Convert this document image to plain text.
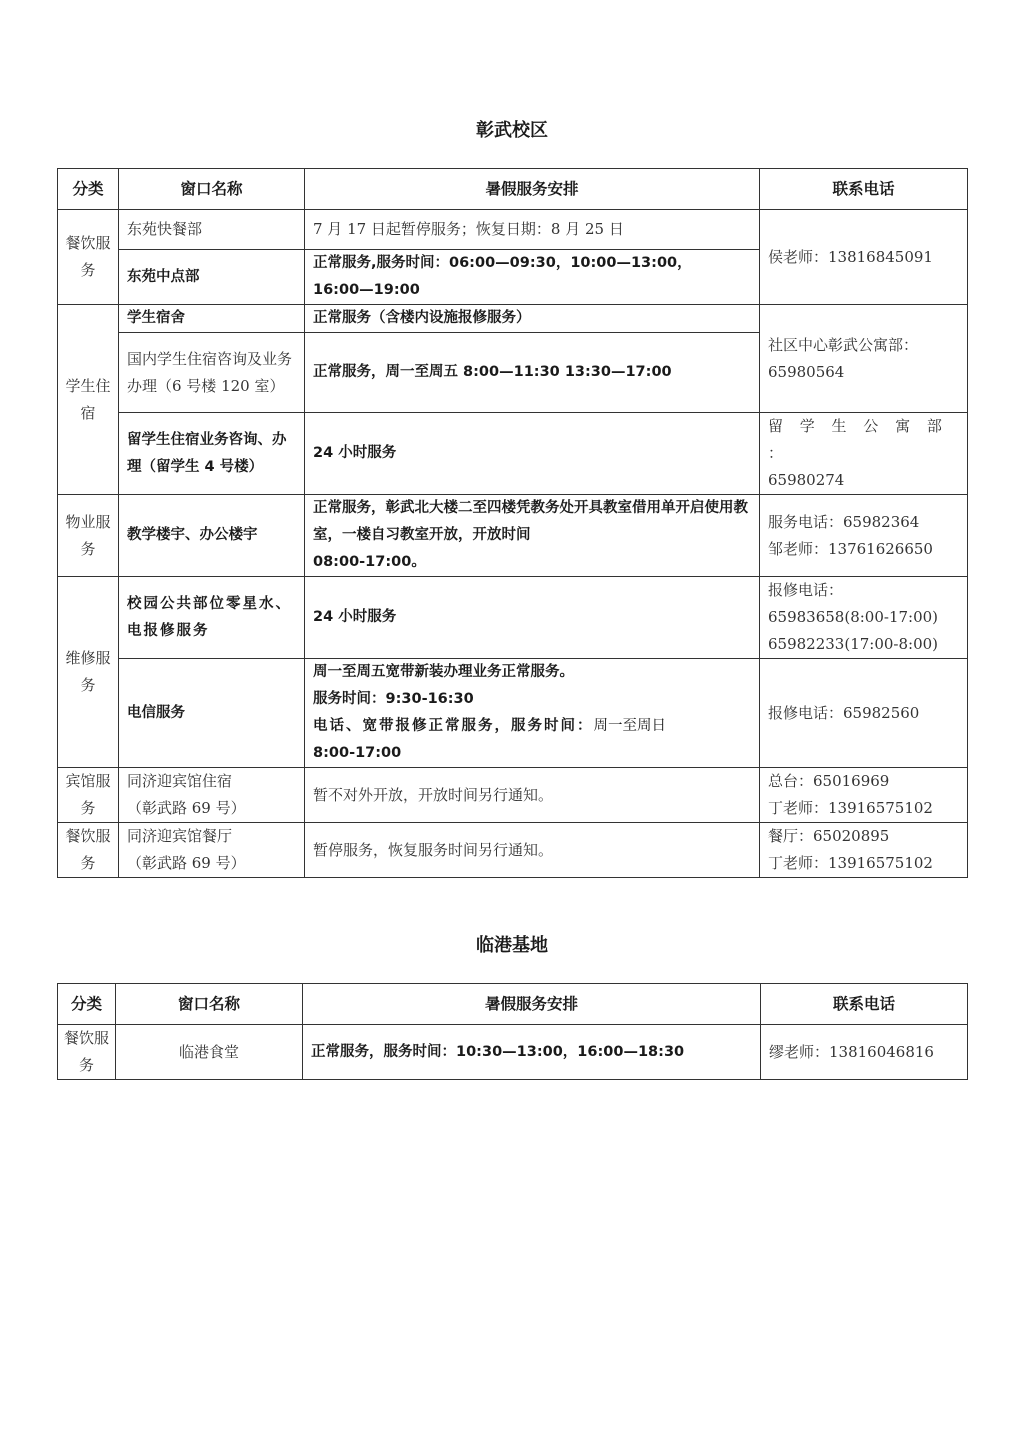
彰武校区
分类	窗口名称	暑假服务安排	联系电话
餐饮服务	东苑快餐部	7 月 17 日起暂停服务；恢复日期：8 月 25 日	侯老师：13816845091
	东苑中点部	正常服务,服务时间：06:00—09:30，10:00—13:00，
16:00—19:00	

学生住宿	学生宿舍	正常服务（含楼内设施报修服务）	社区中心彰武公寓部：
65980564

	国内学生住宿咨询及业务办理（6 号楼 120 室）	正常服务，周一至周五 8:00—11:30 13:30—17:00	
	留学生住宿业务咨询、办理（留学生 4 号楼）	24 小时服务	留 学 生 公 寓 部 ：
65980274

物业服务	教学楼宇、办公楼宇	正常服务，彰武北大楼二至四楼凭教务处开具教室借用单开启使用教室，一楼自习教室开放，开放时间
08:00-17:00。	服务电话：65982364
邹老师：13761626650

维修服务	校园公共部位零星水、电报修服务	24 小时服务	报修电话：
65983658(8:00-17:00)
65982233(17:00-8:00)

	电信服务	周一至周五宽带新装办理业务正常服务。
服务时间：9:30-16:30
电话、宽带报修正常服务，服务时间：周一至周日
8:00-17:00	报修电话：65982560
宾馆服务	同济迎宾馆住宿
（彰武路 69 号）	暂不对外开放，开放时间另行通知。	总台：65016969
丁老师：13916575102

餐饮服务	同济迎宾馆餐厅
（彰武路 69 号）	暂停服务，恢复服务时间另行通知。	餐厅：65020895
丁老师：13916575102
临港基地
分类	窗口名称	暑假服务安排	联系电话
餐饮服务	临港食堂	正常服务，服务时间：10:30—13:00，16:00—18:30	缪老师：13816046816
